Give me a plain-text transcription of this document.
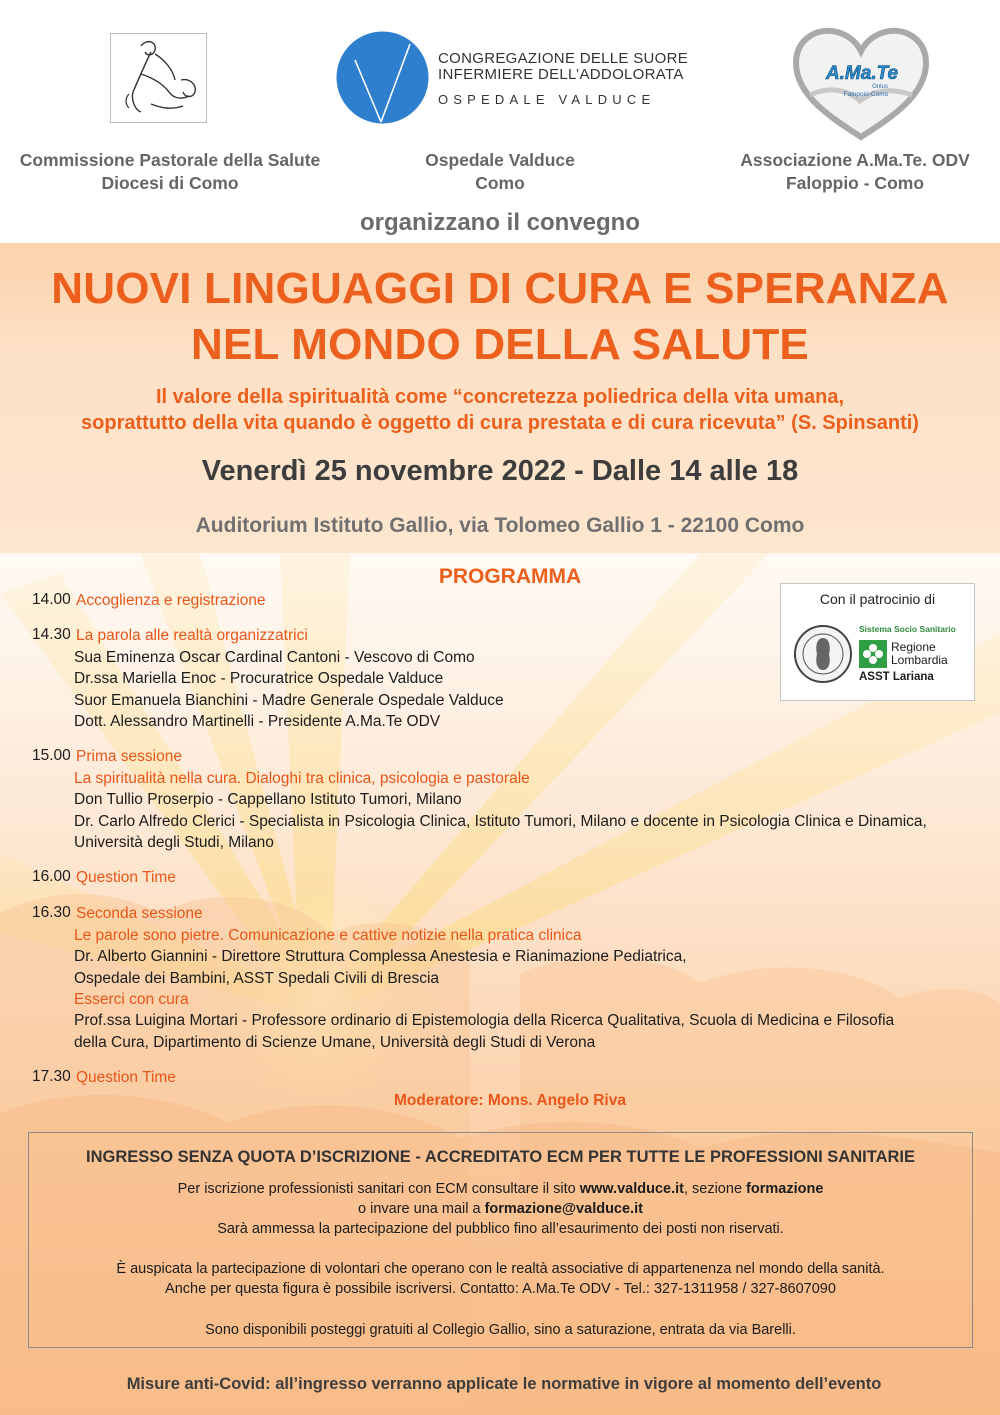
CONGREGAZIONE DELLE SUORE
INFERMIERE DELL’ADDOLORATA
OSPEDALE VALDUCE
A.Ma.Te
Onlus
Faloppio-Como
Commissione Pastorale della Salute
Diocesi di Como
Ospedale Valduce
Como
Associazione A.Ma.Te. ODV
Faloppio - Como
organizzano il convegno
NUOVI LINGUAGGI DI CURA E SPERANZA
NEL MONDO DELLA SALUTE
Il valore della spiritualità come “concretezza poliedrica della vita umana,
soprattutto della vita quando è oggetto di cura prestata e di cura ricevuta” (S. Spinsanti)
Venerdì 25 novembre 2022 - Dalle 14 alle 18
Auditorium Istituto Gallio, via Tolomeo Gallio 1 - 22100 Como
PROGRAMMA
14.00 Accoglienza e registrazione
14.30 La parola alle realtà organizzatrici
Sua Eminenza Oscar Cardinal Cantoni - Vescovo di Como
Dr.ssa Mariella Enoc - Procuratrice Ospedale Valduce
Suor Emanuela Bianchini - Madre Generale Ospedale Valduce
Dott. Alessandro Martinelli - Presidente A.Ma.Te ODV
15.00 Prima sessione
La spiritualità nella cura. Dialoghi tra clinica, psicologia e pastorale
Don Tullio Proserpio - Cappellano Istituto Tumori, Milano
Dr. Carlo Alfredo Clerici - Specialista in Psicologia Clinica, Istituto Tumori, Milano e docente in Psicologia Clinica e Dinamica,
Università degli Studi, Milano
16.00 Question Time
16.30 Seconda sessione
Le parole sono pietre. Comunicazione e cattive notizie nella pratica clinica
Dr. Alberto Giannini - Direttore Struttura Complessa Anestesia e Rianimazione Pediatrica,
Ospedale dei Bambini, ASST Spedali Civili di Brescia
Esserci con cura
Prof.ssa Luigina Mortari - Professore ordinario di Epistemologia della Ricerca Qualitativa, Scuola di Medicina e Filosofia
della Cura, Dipartimento di Scienze Umane, Università degli Studi di Verona
17.30 Question Time
Moderatore: Mons. Angelo Riva
Con il patrocinio di
Sistema Socio Sanitario
Regione
Lombardia
ASST Lariana
INGRESSO SENZA QUOTA D’ISCRIZIONE - ACCREDITATO ECM PER TUTTE LE PROFESSIONI SANITARIE
Per iscrizione professionisti sanitari con ECM consultare il sito www.valduce.it, sezione formazione
o invare una mail a formazione@valduce.it
Sarà ammessa la partecipazione del pubblico fino all’esaurimento dei posti non riservati.
È auspicata la partecipazione di volontari che operano con le realtà associative di appartenenza nel mondo della sanità.
Anche per questa figura è possibile iscriversi. Contatto: A.Ma.Te ODV - Tel.: 327-1311958 / 327-8607090
Sono disponibili posteggi gratuiti al Collegio Gallio, sino a saturazione, entrata da via Barelli.
Misure anti-Covid: all’ingresso verranno applicate le normative in vigore al momento dell’evento
